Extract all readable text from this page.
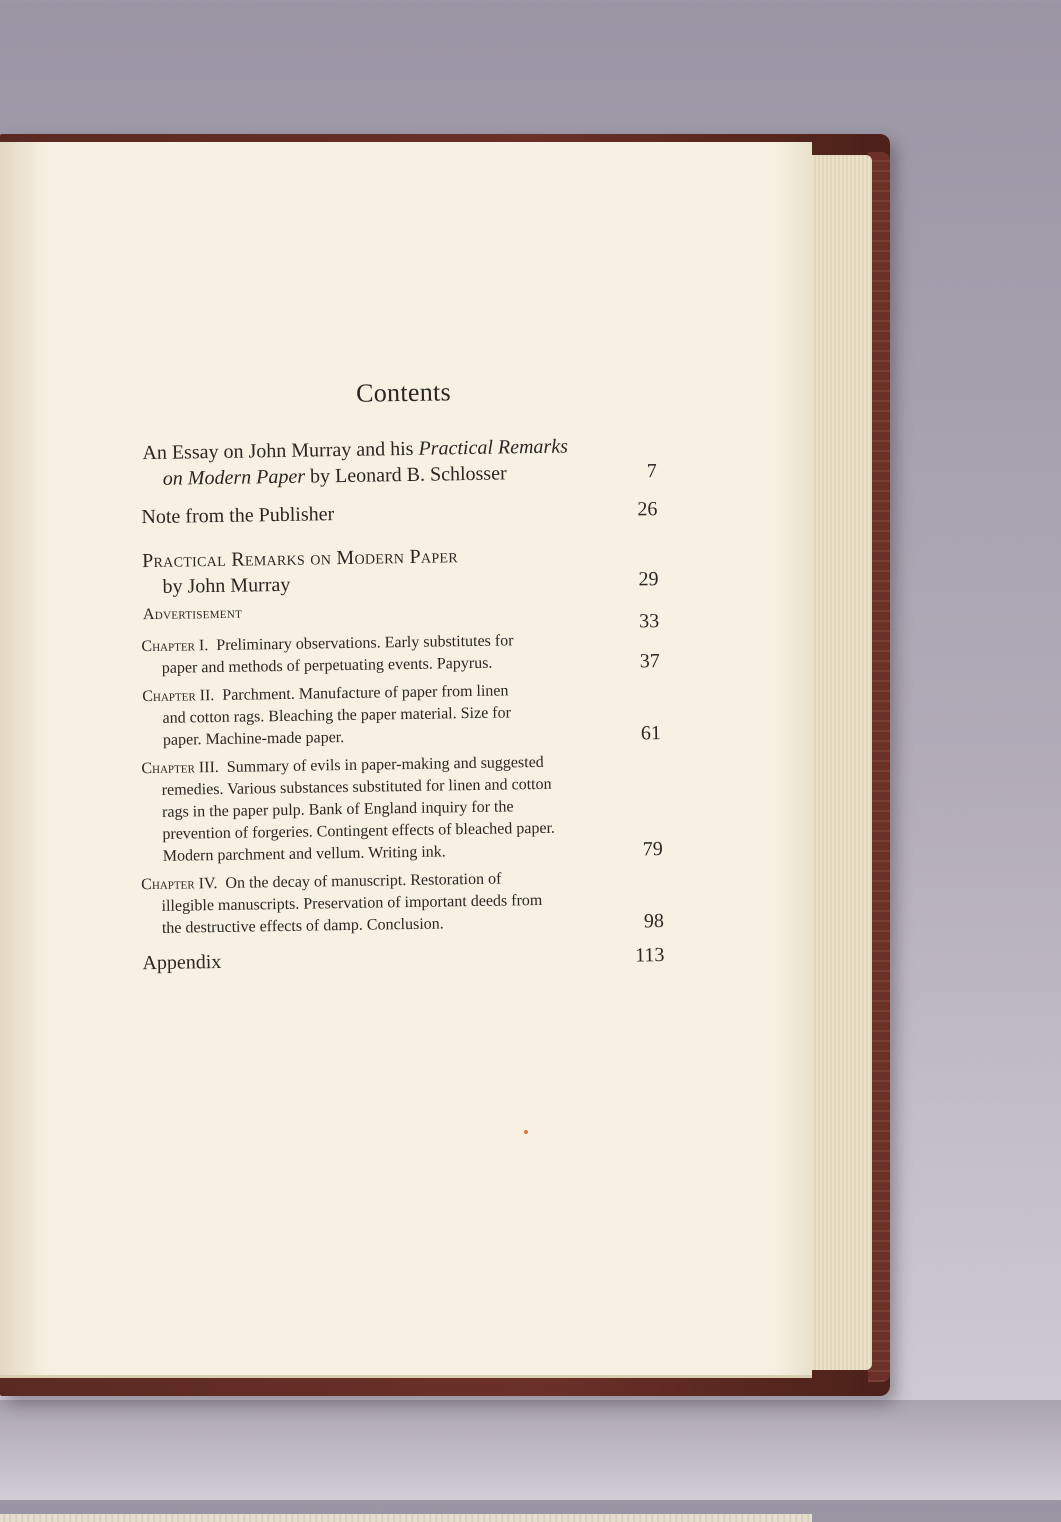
Contents
An Essay on John Murray and his Practical Remarks
on Modern Paper by Leonard B. Schlosser	7
Note from the Publisher	26
Practical Remarks on Modern Paper
by John Murray	29
Advertisement	33
Chapter I. Preliminary observations. Early substitutes for
paper and methods of perpetuating events. Papyrus.	37
Chapter II. Parchment. Manufacture of paper from linen
and cotton rags. Bleaching the paper material. Size for
paper. Machine-made paper.	61
Chapter III. Summary of evils in paper-making and suggested
remedies. Various substances substituted for linen and cotton
rags in the paper pulp. Bank of England inquiry for the
prevention of forgeries. Contingent effects of bleached paper.
Modern parchment and vellum. Writing ink.	79
Chapter IV. On the decay of manuscript. Restoration of
illegible manuscripts. Preservation of important deeds from
the destructive effects of damp. Conclusion.	98
Appendix	113
